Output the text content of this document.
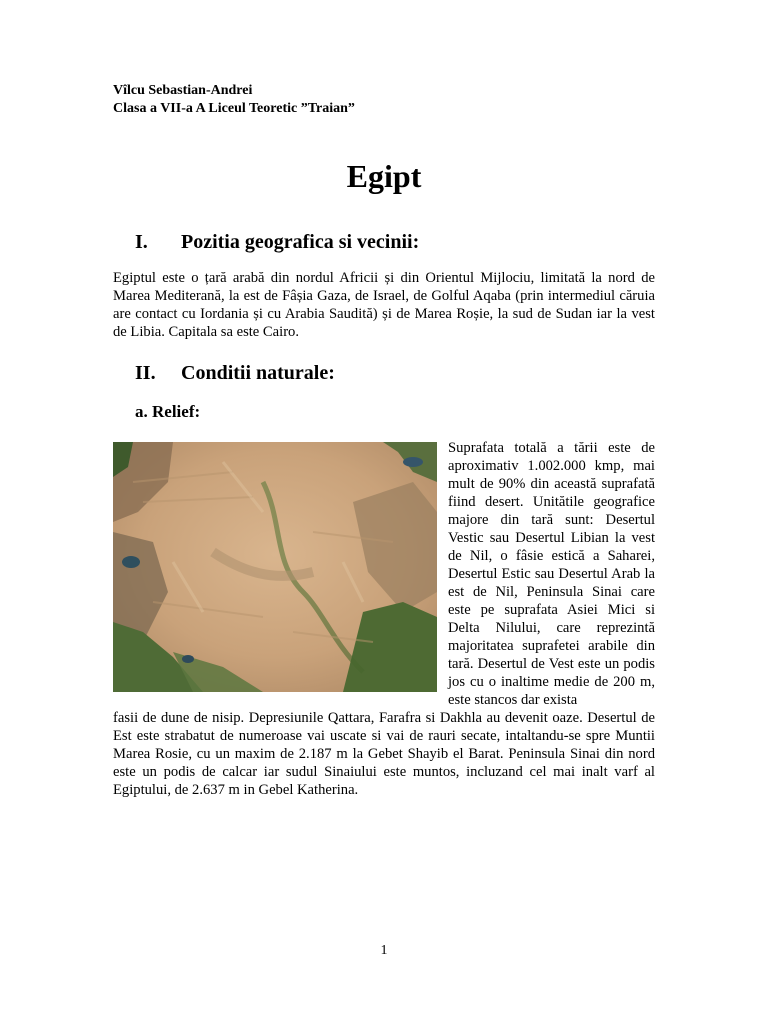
Vîlcu Sebastian-Andrei
Clasa a VII-a A Liceul Teoretic ”Traian”
Egipt
I. Pozitia geografica si vecinii:

Egiptul este o țară arabă din nordul Africii și din Orientul Mijlociu, limitată la nord de Marea Mediterană, la est de Fâșia Gaza, de Israel, de Golful Aqaba (prin intermediul căruia are contact cu Iordania și cu Arabia Saudită) și de Marea Roșie, la sud de Sudan iar la vest de Libia. Capitala sa este Cairo.

II. Conditii naturale:
a. Relief:

Suprafata totală a tării este de aproximativ 1.002.000 kmp, mai mult de 90% din această suprafată fiind desert. Unitătile geografice majore din tară sunt: Desertul Vestic sau Desertul Libian la vest de Nil, o fâsie estică a Saharei, Desertul Estic sau Desertul Arab la est de Nil, Peninsula Sinai care este pe suprafata Asiei Mici si Delta Nilului, care reprezintă majoritatea suprafetei arabile din tară. Desertul de Vest este un podis jos cu o inaltime medie de 200 m, este stancos dar exista

fasii de dune de nisip. Depresiunile Qattara, Farafra si Dakhla au devenit oaze. Desertul de Est este strabatut de numeroase vai uscate si vai de rauri secate, intaltandu-se spre Muntii Marea Rosie, cu un maxim de 2.187 m la Gebet Shayib el Barat. Peninsula Sinai din nord este un podis de calcar iar sudul Sinaiului este muntos, incluzand cel mai inalt varf al Egiptului, de 2.637 m in Gebel Katherina.

1
